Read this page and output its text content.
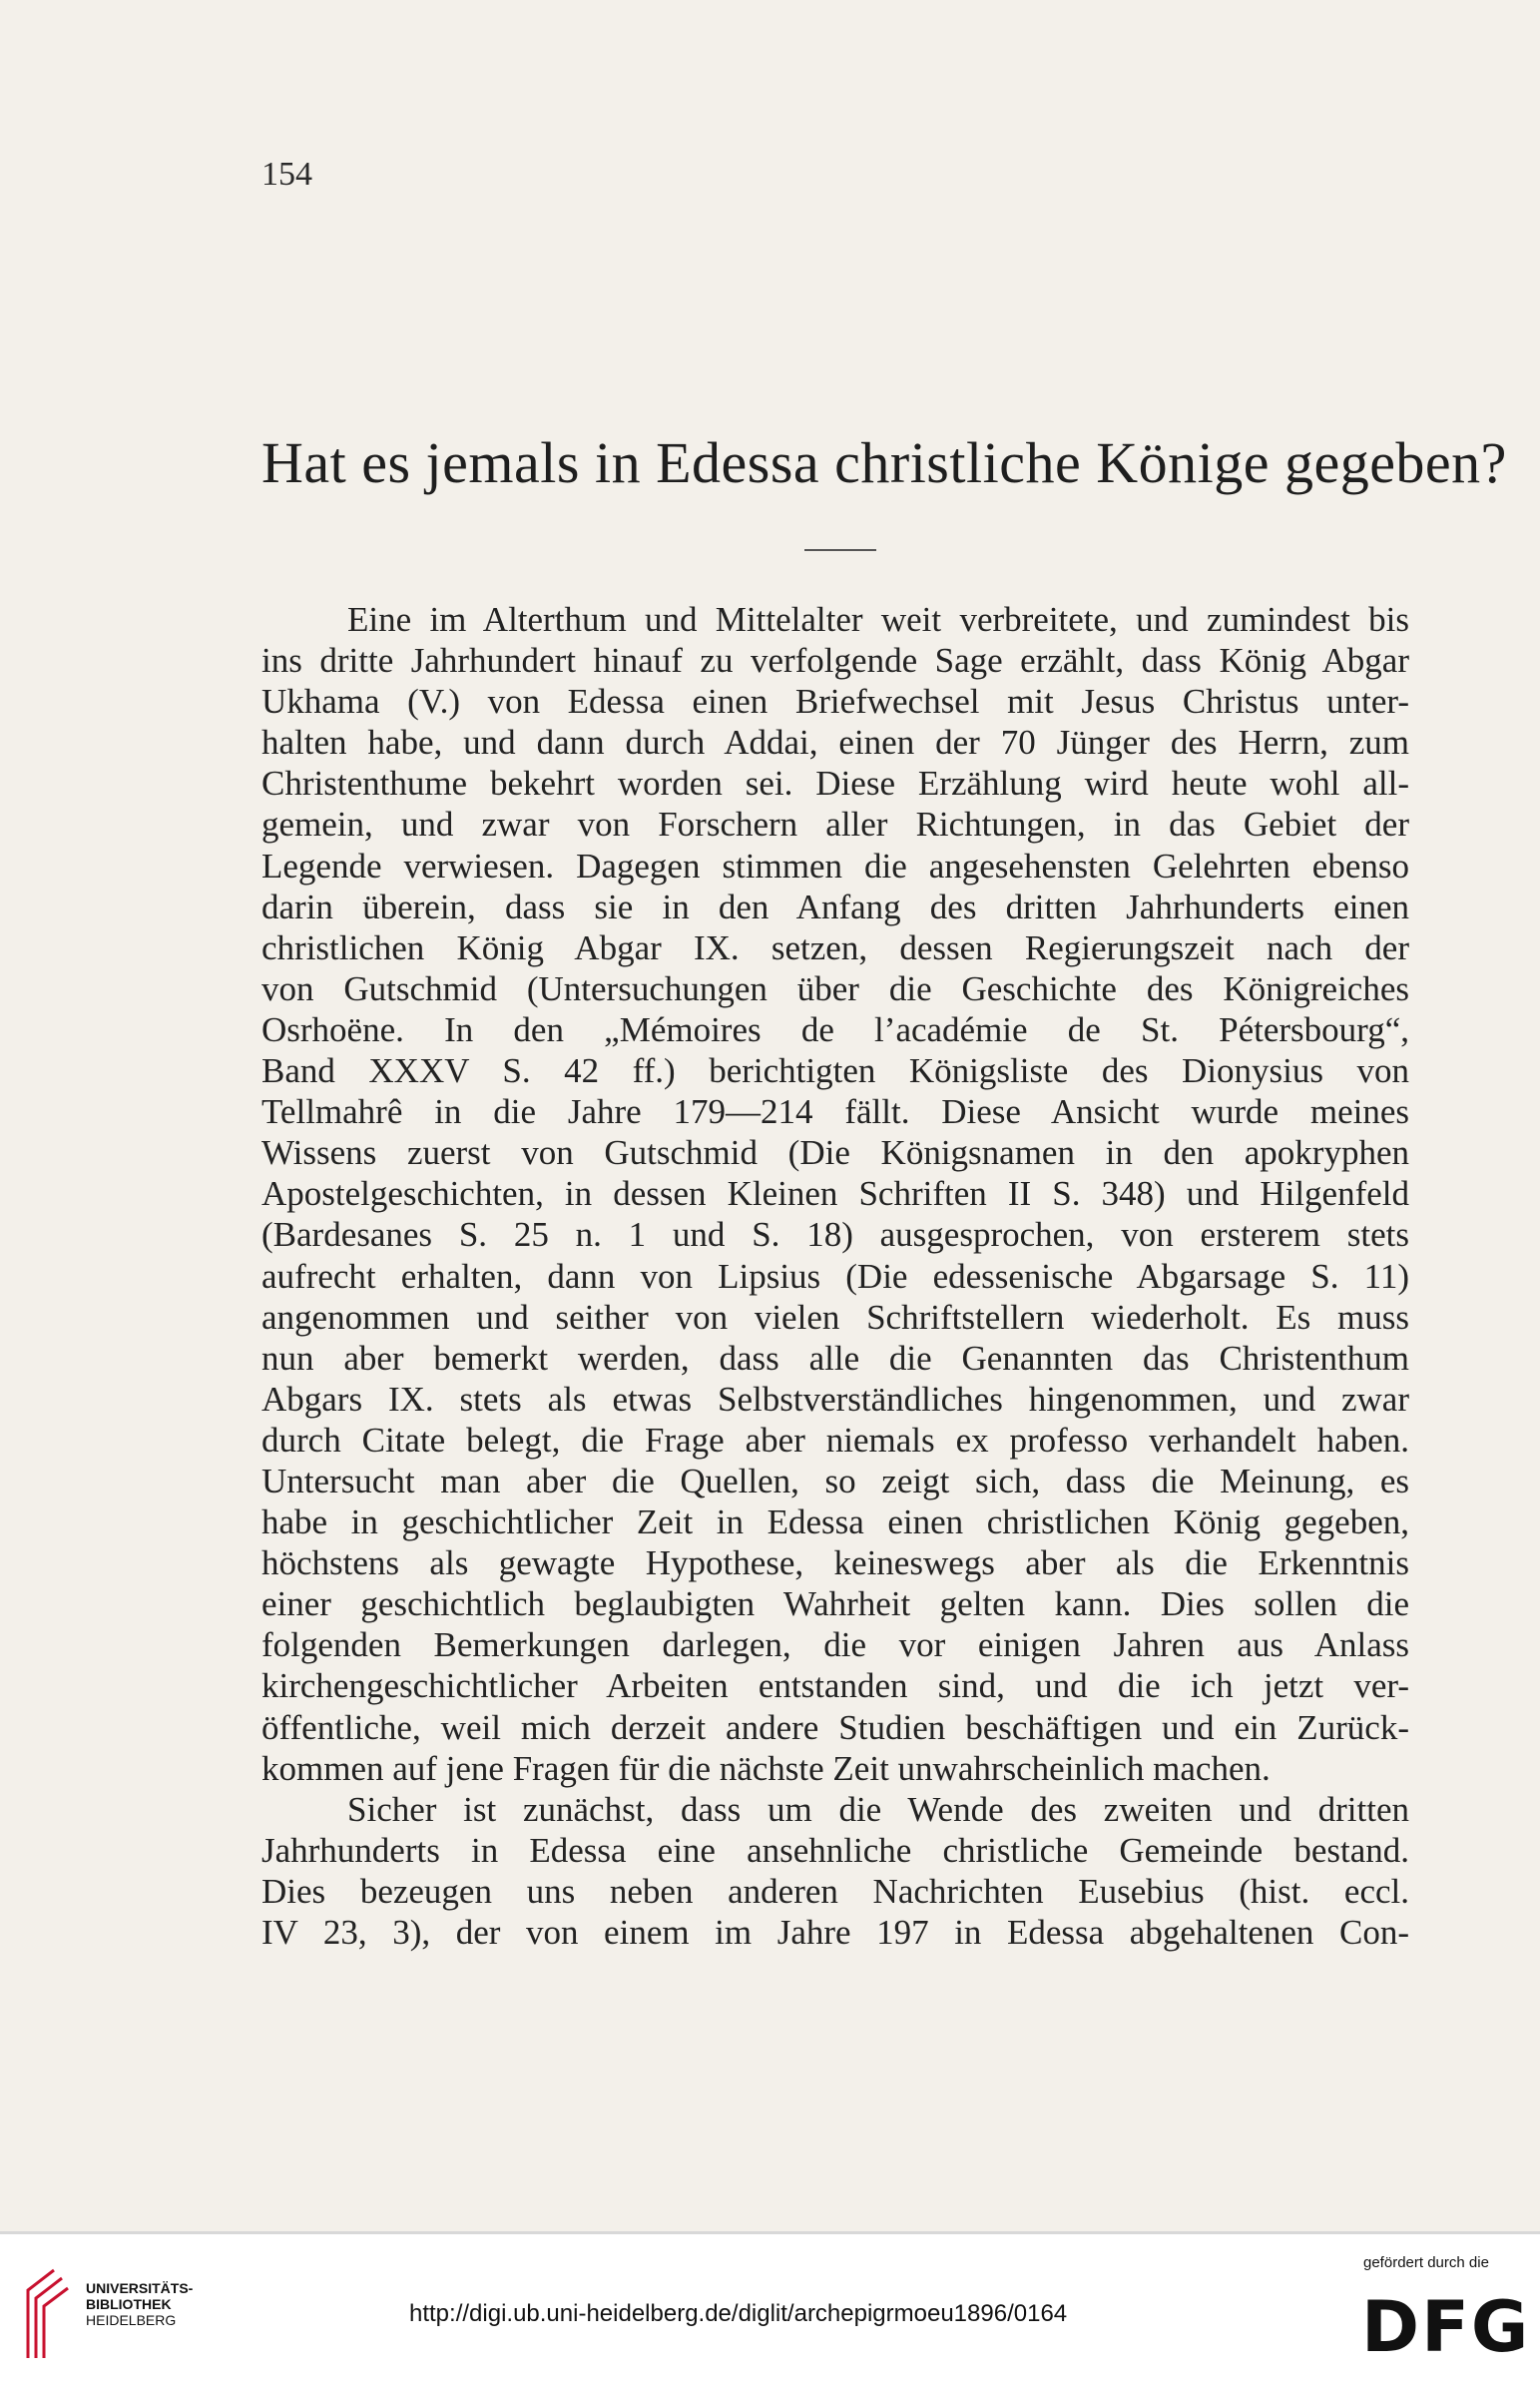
154
Hat es jemals in Edessa christliche Könige gegeben?
Eine im Alterthum und Mittelalter weit verbreitete, und zumindest bis
ins dritte Jahrhundert hinauf zu verfolgende Sage erzählt, dass König Abgar
Ukhama (V.) von Edessa einen Briefwechsel mit Jesus Christus unter-
halten habe, und dann durch Addai, einen der 70 Jünger des Herrn, zum
Christenthume bekehrt worden sei. Diese Erzählung wird heute wohl all-
gemein, und zwar von Forschern aller Richtungen, in das Gebiet der
Legende verwiesen. Dagegen stimmen die angesehensten Gelehrten ebenso
darin überein, dass sie in den Anfang des dritten Jahrhunderts einen
christlichen König Abgar IX. setzen, dessen Regierungszeit nach der
von Gutschmid (Untersuchungen über die Geschichte des Königreiches
Osrhoëne. In den „Mémoires de l’académie de St. Pétersbourg“,
Band XXXV S. 42 ff.) berichtigten Königsliste des Dionysius von
Tellmahrê in die Jahre 179—214 fällt. Diese Ansicht wurde meines
Wissens zuerst von Gutschmid (Die Königsnamen in den apokryphen
Apostelgeschichten, in dessen Kleinen Schriften II S. 348) und Hilgenfeld
(Bardesanes S. 25 n. 1 und S. 18) ausgesprochen, von ersterem stets
aufrecht erhalten, dann von Lipsius (Die edessenische Abgarsage S. 11)
angenommen und seither von vielen Schriftstellern wiederholt. Es muss
nun aber bemerkt werden, dass alle die Genannten das Christenthum
Abgars IX. stets als etwas Selbstverständliches hingenommen, und zwar
durch Citate belegt, die Frage aber niemals ex professo verhandelt haben.
Untersucht man aber die Quellen, so zeigt sich, dass die Meinung, es
habe in geschichtlicher Zeit in Edessa einen christlichen König gegeben,
höchstens als gewagte Hypothese, keineswegs aber als die Erkenntnis
einer geschichtlich beglaubigten Wahrheit gelten kann. Dies sollen die
folgenden Bemerkungen darlegen, die vor einigen Jahren aus Anlass
kirchengeschichtlicher Arbeiten entstanden sind, und die ich jetzt ver-
öffentliche, weil mich derzeit andere Studien beschäftigen und ein Zurück-
kommen auf jene Fragen für die nächste Zeit unwahrscheinlich machen.
Sicher ist zunächst, dass um die Wende des zweiten und dritten
Jahrhunderts in Edessa eine ansehnliche christliche Gemeinde bestand.
Dies bezeugen uns neben anderen Nachrichten Eusebius (hist. eccl.
IV 23, 3), der von einem im Jahre 197 in Edessa abgehaltenen Con-
UNIVERSITÄTS-
BIBLIOTHEK
HEIDELBERG	http://digi.ub.uni-heidelberg.de/diglit/archepigrmoeu1896/0164
gefördert durch die
DFG
